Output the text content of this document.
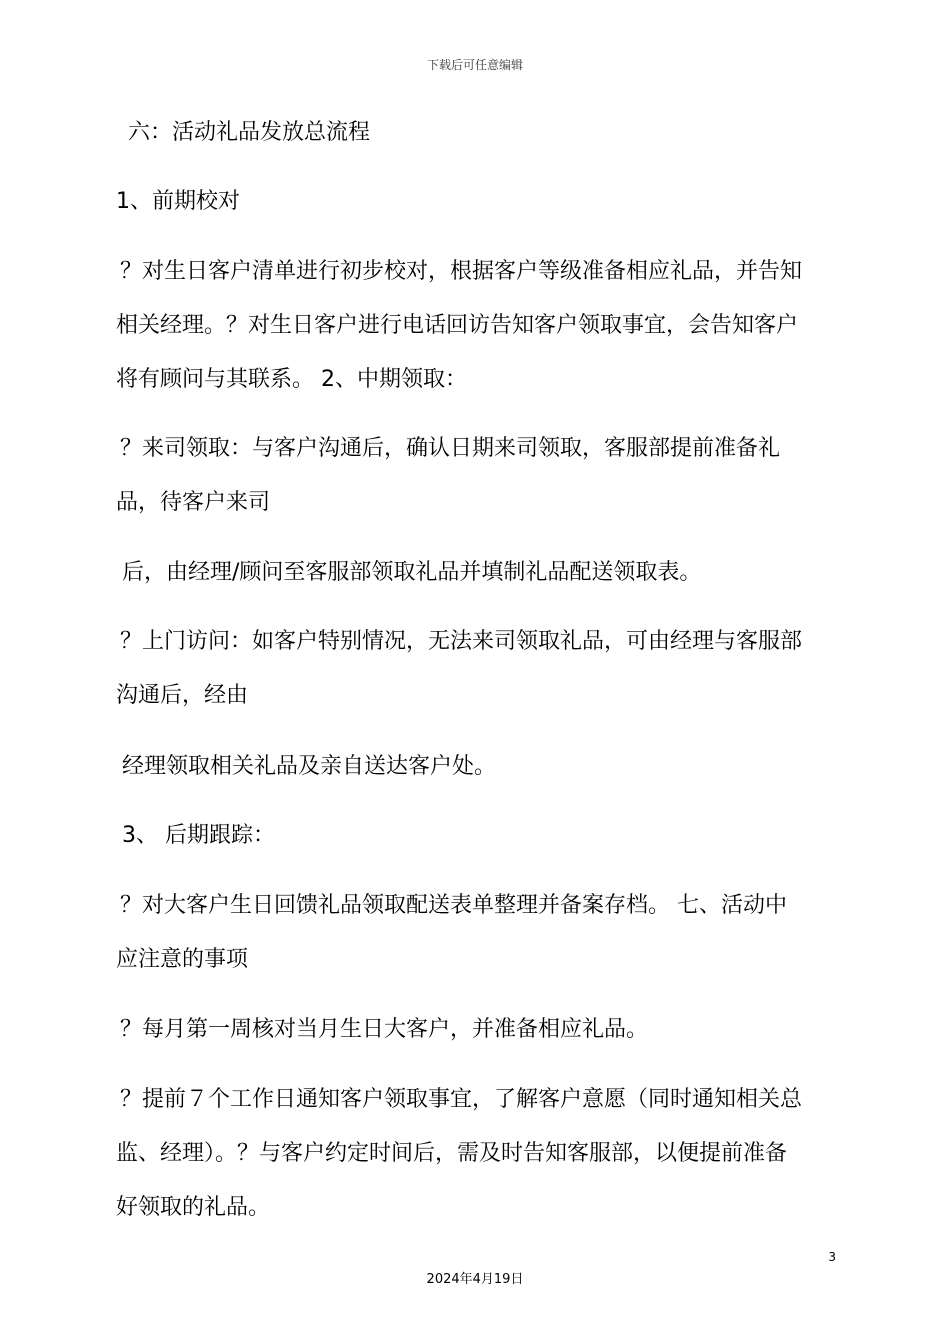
下载后可任意编辑
六：活动礼品发放总流程
1、前期校对
？对生日客户清单进行初步校对，根据客户等级准备相应礼品，并告知
相关经理。？对生日客户进行电话回访告知客户领取事宜，会告知客户
将有顾问与其联系。 2、中期领取：
？来司领取：与客户沟通后，确认日期来司领取，客服部提前准备礼
品，待客户来司
后，由经理/顾问至客服部领取礼品并填制礼品配送领取表。
？上门访问：如客户特别情况，无法来司领取礼品，可由经理与客服部
沟通后，经由
经理领取相关礼品及亲自送达客户处。
3、 后期跟踪：
？对大客户生日回馈礼品领取配送表单整理并备案存档。 七、活动中
应注意的事项
？每月第一周核对当月生日大客户，并准备相应礼品。
？提前７个工作日通知客户领取事宜，了解客户意愿（同时通知相关总
监、经理）。？与客户约定时间后，需及时告知客服部，以便提前准备
好领取的礼品。
3
2024年4月19日
